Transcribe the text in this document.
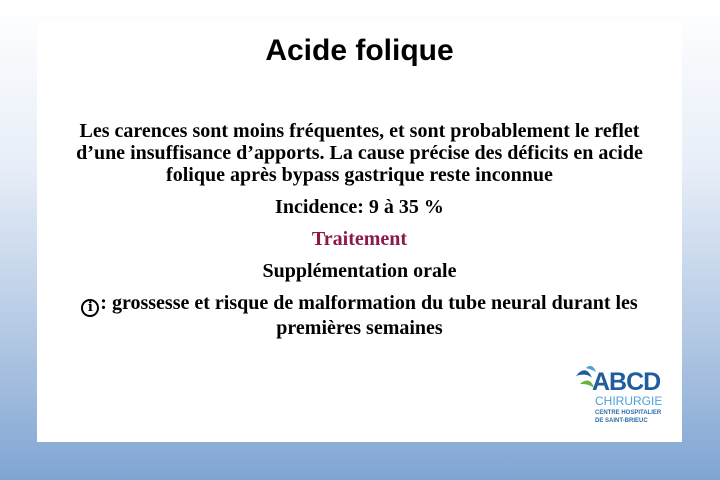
Acide folique

Les carences sont moins fréquentes, et sont probablement le reflet d’une insuffisance d’apports. La cause précise des déficits en acide folique après bypass gastrique reste inconnue

Incidence: 9 à 35 %

Traitement

Supplémentation orale

i : grossesse et risque de malformation du tube neural durant les premières semaines

ABCD
CHIRURGIE
CENTRE HOSPITALIER
DE SAINT-BRIEUC
